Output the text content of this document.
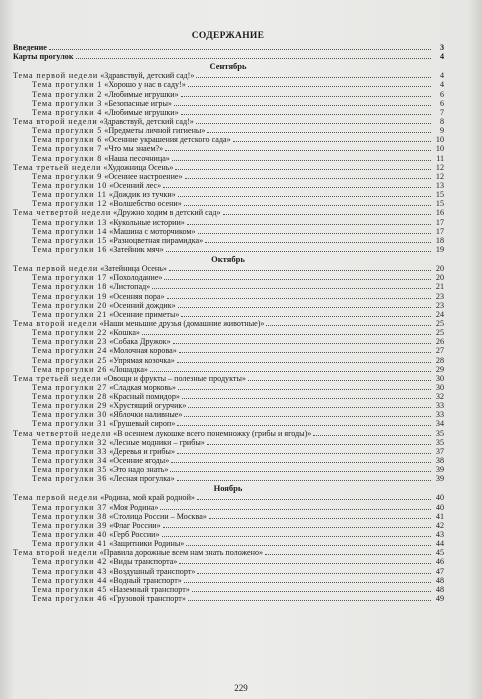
СОДЕРЖАНИЕ
Введение	3
Карты прогулок	4
Сентябрь
Тема первой недели «Здравствуй, детский сад!»	4
Тема прогулки 1 «Хорошо у нас в саду!»	4
Тема прогулки 2 «Любимые игрушки»	6
Тема прогулки 3 «Безопасные игры»	6
Тема прогулки 4 «Любимые игрушки»	7
Тема второй недели «Здравствуй, детский сад!»	8
Тема прогулки 5 «Предметы личной гигиены»	9
Тема прогулки 6 «Осенние украшения детского сада»	10
Тема прогулки 7 «Что мы знаем?»	10
Тема прогулки 8 «Наша песочница»	11
Тема третьей недели «Художница Осень»	12
Тема прогулки 9 «Осеннее настроение»	12
Тема прогулки 10 «Осенний лес»	13
Тема прогулки 11 «Дождик из тучки»	15
Тема прогулки 12 «Волшебство осени»	15
Тема четвертой недели «Дружно ходим в детский сад»	16
Тема прогулки 13 «Кукольные истории»	17
Тема прогулки 14 «Машина с моторчиком»	17
Тема прогулки 15 «Разноцветная пирамидка»	18
Тема прогулки 16 «Затейник мяч»	19
Октябрь
Тема первой недели «Затейница Осень»	20
Тема прогулки 17 «Похолодание»	20
Тема прогулки 18 «Листопад»	21
Тема прогулки 19 «Осенняя пора»	23
Тема прогулки 20 «Осенний дождик»	23
Тема прогулки 21 «Осенние приметы»	24
Тема второй недели «Наши меньшие друзья (домашние животные)»	25
Тема прогулки 22 «Кошка»	25
Тема прогулки 23 «Собака Дружок»	26
Тема прогулки 24 «Молочная корова»	27
Тема прогулки 25 «Упрямая козочка»	28
Тема прогулки 26 «Лошадка»	29
Тема третьей недели «Овощи и фрукты – полезные продукты»	30
Тема прогулки 27 «Сладкая морковь»	30
Тема прогулки 28 «Красный помидор»	32
Тема прогулки 29 «Хрустящий огурчик»	33
Тема прогулки 30 «Яблочки наливные»	33
Тема прогулки 31 «Грушевый сироп»	34
Тема четвертой недели «В осеннем лукошке всего понемножку (грибы и ягоды)»	35
Тема прогулки 32 «Лесные модники – грибы»	35
Тема прогулки 33 «Деревья и грибы»	37
Тема прогулки 34 «Осенние ягоды»	38
Тема прогулки 35 «Это надо знать»	39
Тема прогулки 36 «Лесная прогулка»	39
Ноябрь
Тема первой недели «Родина, мой край родной»	40
Тема прогулки 37 «Моя Родина»	40
Тема прогулки 38 «Столица России – Москва»	41
Тема прогулки 39 «Флаг России»	42
Тема прогулки 40 «Герб России»	43
Тема прогулки 41 «Защитники Родины»	44
Тема второй недели «Правила дорожные всем нам знать положено»	45
Тема прогулки 42 «Виды транспорта»	46
Тема прогулки 43 «Воздушный транспорт»	47
Тема прогулки 44 «Водный транспорт»	48
Тема прогулки 45 «Наземный транспорт»	48
Тема прогулки 46 «Грузовой транспорт»	49
229
